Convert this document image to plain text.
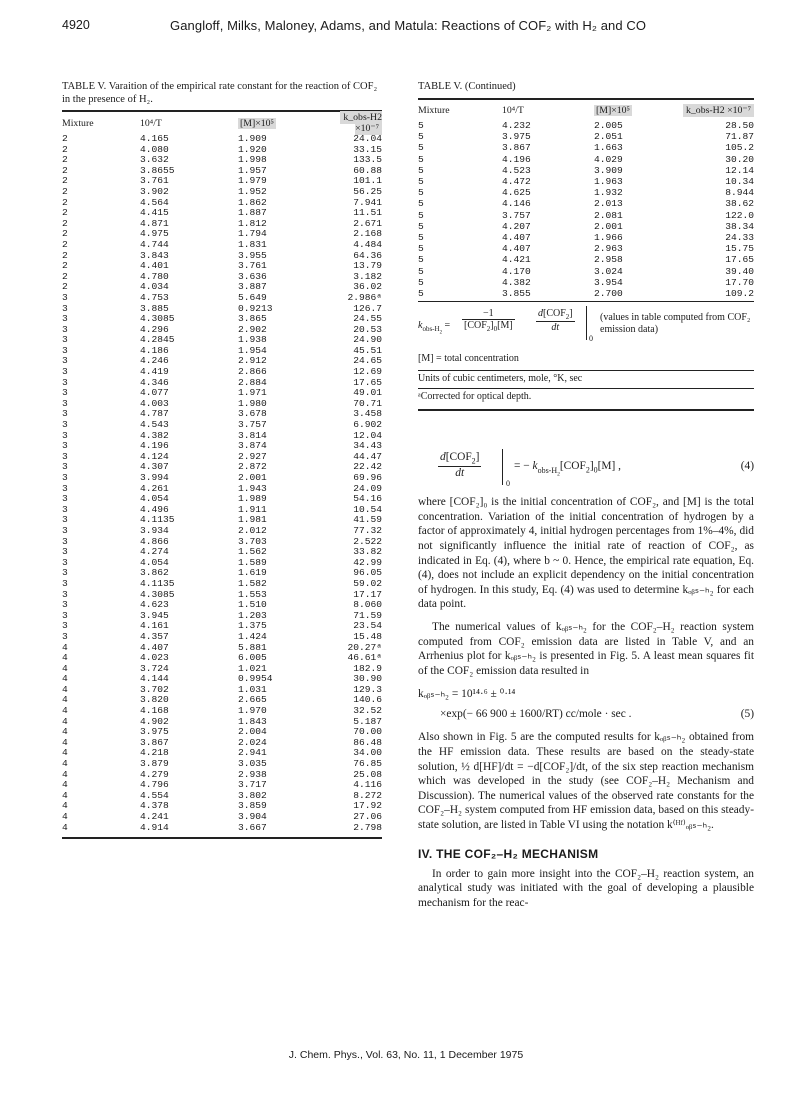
4920	Gangloff, Milks, Maloney, Adams, and Matula: Reactions of COF₂ with H₂ and CO
TABLE V. Varaition of the empirical rate constant for the reaction of COF₂ in the presence of H₂.
Mixture	10⁴/T	[M]×10⁵	k_obs-H2 ×10⁻⁷
2	4.165	1.909	24.04
2	4.080	1.920	33.15
2	3.632	1.998	133.5
2	3.8655	1.957	60.88
2	3.761	1.979	101.1
2	3.902	1.952	56.25
2	4.564	1.862	7.941
2	4.415	1.887	11.51
2	4.871	1.812	2.671
2	4.975	1.794	2.168
2	4.744	1.831	4.484
2	3.843	3.955	64.36
2	4.401	3.761	13.79
2	4.780	3.636	3.182
2	4.034	3.887	36.02
3	4.753	5.649	2.986ᵃ
3	3.885	0.9213	126.7
3	4.3085	3.865	24.55
3	4.296	2.902	20.53
3	4.2845	1.938	24.90
3	4.186	1.954	45.51
3	4.246	2.912	24.65
3	4.419	2.866	12.69
3	4.346	2.884	17.65
3	4.077	1.971	49.01
3	4.003	1.980	70.71
3	4.787	3.678	3.458
3	4.543	3.757	6.902
3	4.382	3.814	12.04
3	4.196	3.874	34.43
3	4.124	2.927	44.47
3	4.307	2.872	22.42
3	3.994	2.001	69.96
3	4.261	1.943	24.09
3	4.054	1.989	54.16
3	4.496	1.911	10.54
3	4.1135	1.981	41.59
3	3.934	2.012	77.32
3	4.866	3.703	2.522
3	4.274	1.562	33.82
3	4.054	1.589	42.99
3	3.862	1.619	96.05
3	4.1135	1.582	59.02
3	4.3085	1.553	17.17
3	4.623	1.510	8.060
3	3.945	1.203	71.59
3	4.161	1.375	23.54
3	4.357	1.424	15.48
4	4.407	5.881	20.27ᵃ
4	4.023	6.005	46.61ᵃ
4	3.724	1.021	182.9
4	4.144	0.9954	30.90
4	3.702	1.031	129.3
4	3.820	2.665	140.6
4	4.168	1.970	32.52
4	4.902	1.843	5.187
4	3.975	2.004	70.00
4	3.867	2.024	86.48
4	4.218	2.941	34.00
4	3.879	3.035	76.85
4	4.279	2.938	25.08
4	4.796	3.717	4.116
4	4.554	3.802	8.272
4	4.378	3.859	17.92
4	4.241	3.904	27.06
4	4.914	3.667	2.798
TABLE V. (Continued)
Mixture	10⁴/T	[M]×10⁵	k_obs-H2 ×10⁻⁷
5	4.232	2.005	28.50
5	3.975	2.051	71.87
5	3.867	1.663	105.2
5	4.196	4.029	30.20
5	4.523	3.909	12.14
5	4.472	1.963	10.34
5	4.625	1.932	8.944
5	4.146	2.013	38.62
5	3.757	2.081	122.0
5	4.207	2.001	38.34
5	4.407	1.966	24.33
5	4.407	2.963	15.75
5	4.421	2.958	17.65
5	4.170	3.024	39.40
5	4.382	3.954	17.70
5	3.855	2.700	109.2
$k_{obs-H_2}$ =
−1
$[COF_2]_0[M]$
$d[COF_2]$
dt
0
(values in table computed from COF₂ emission data)
[M] = total concentration
Units of cubic centimeters, mole, °K, sec
ᵃCorrected for optical depth.
$d[COF_2]$
dt
0
= − $k_{obs-H_2}[COF_2]_0[M]$ ,	(4)

where [COF₂]₀ is the initial concentration of COF₂, and [M] is the total concentration. Variation of the initial concentration of hydrogen by a factor of approximately 4, initial hydrogen percentages from 1%–4%, did not significantly influence the initial rate of reaction of COF₂, as indicated in Eq. (4), where b ~ 0. Hence, the empirical rate equation, Eq. (4), does not include an explicit dependency on the initial concentration of hydrogen. In this study, Eq. (4) was used to determine kₒᵦₛ₋ₕ₂ for each data point.

The numerical values of kₒᵦₛ₋ₕ₂ for the COF₂–H₂ reaction system computed from COF₂ emission data are listed in Table V, and an Arrhenius plot for kₒᵦₛ₋ₕ₂ is presented in Fig. 5. A least mean squares fit of the COF₂ emission data resulted in

kₒᵦₛ₋ₕ₂ = 10¹⁴·⁶ ± ⁰·¹⁴
×exp(− 66 900 ± 1600/RT) cc/mole · sec .	(5)

Also shown in Fig. 5 are the computed results for kₒᵦₛ₋ₕ₂ obtained from the HF emission data. These results are based on the steady-state solution, ½ d[HF]/dt = −d[COF₂]/dt, of the six step reaction mechanism which was developed in the study (see COF₂–H₂ Mechanism and Discussion). The numerical values of the observed rate constants for the COF₂–H₂ system computed from HF emission data, based on this steady-state solution, are listed in Table VI using the notation k⁽ᴴᶠ⁾ₒᵦₛ₋ₕ₂.

IV. THE COF₂–H₂ MECHANISM

In order to gain more insight into the COF₂–H₂ reaction system, an analytical study was initiated with the goal of developing a plausible mechanism for the reac-

J. Chem. Phys., Vol. 63, No. 11, 1 December 1975
